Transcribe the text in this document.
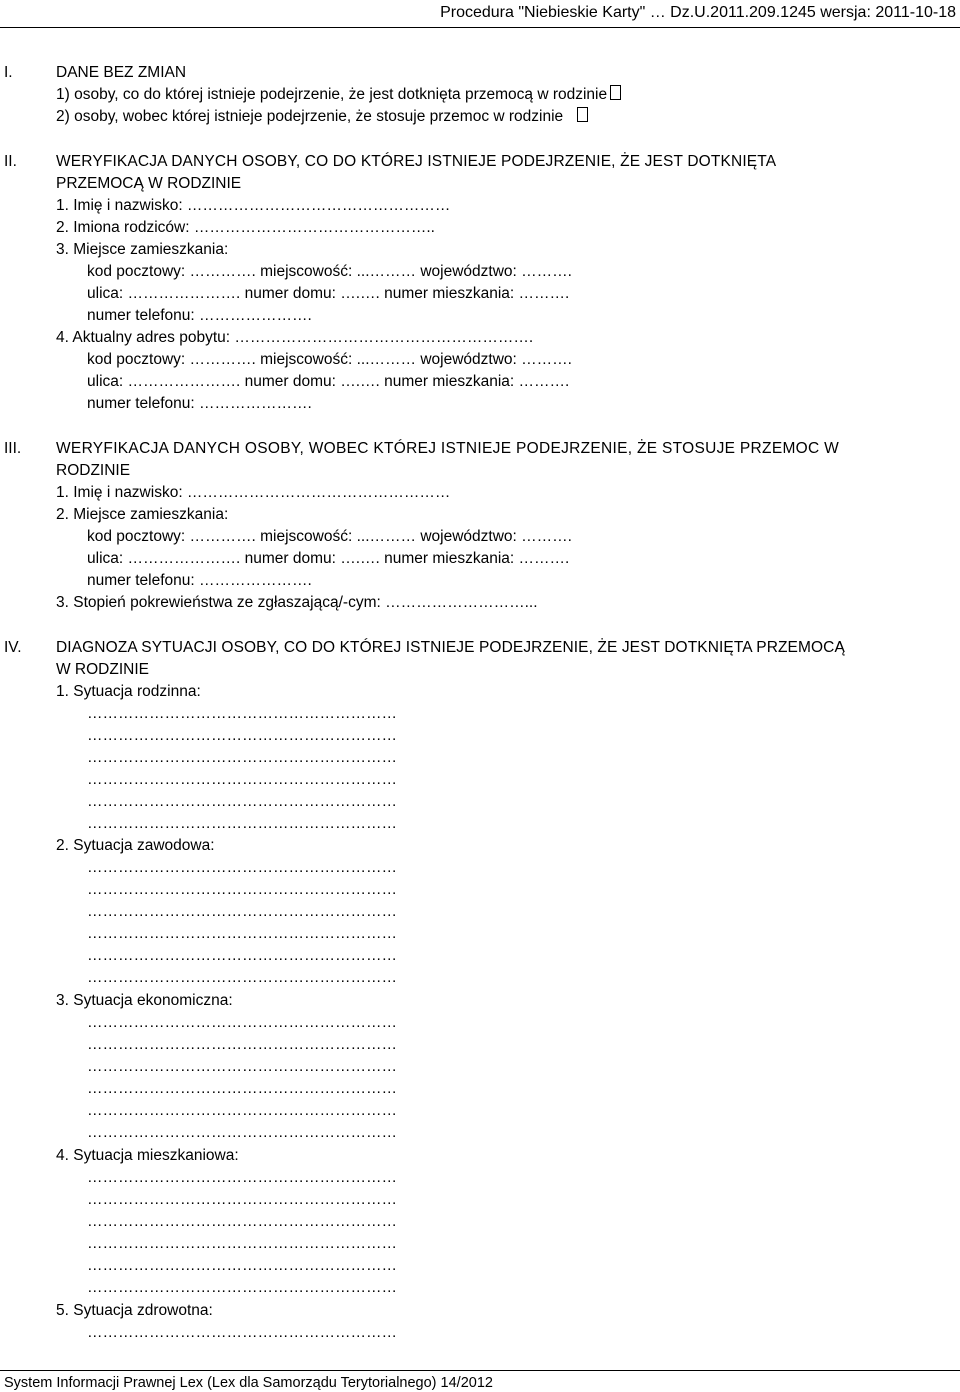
Procedura "Niebieskie Karty" … Dz.U.2011.209.1245 wersja: 2011-10-18
I.	DANE BEZ ZMIAN
1) osoby, co do której istnieje podejrzenie, że jest dotknięta przemocą w rodzinie
2) osoby, wobec której istnieje podejrzenie, że stosuje przemoc w rodzinie
II.	WERYFIKACJA DANYCH OSOBY, CO DO KTÓREJ ISTNIEJE PODEJRZENIE, ŻE JEST DOTKNIĘTA
PRZEMOCĄ W RODZINIE
1. Imię i nazwisko: ……………………………………………
2. Imiona rodziców: ………………………………………..
3. Miejsce zamieszkania:
kod pocztowy: …………. miejscowość: ...……… województwo: ……….
ulica: …………………. numer domu: ….…. numer mieszkania: ……….
numer telefonu: ………………….
4. Aktualny adres pobytu: ………………………………………………….
kod pocztowy: …………. miejscowość: ...……… województwo: ……….
ulica: …………………. numer domu: ….…. numer mieszkania: ……….
numer telefonu: ………………….
III. WERYFIKACJA DANYCH OSOBY, WOBEC KTÓREJ ISTNIEJE PODEJRZENIE, ŻE STOSUJE PRZEMOC W
RODZINIE
1. Imię i nazwisko: ……………………………………………
2. Miejsce zamieszkania:
kod pocztowy: …………. miejscowość: ...……… województwo: ……….
ulica: …………………. numer domu: ….…. numer mieszkania: ……….
numer telefonu: ………………….
3. Stopień pokrewieństwa ze zgłaszającą/-cym: ………………………...
IV. DIAGNOZA SYTUACJI OSOBY, CO DO KTÓREJ ISTNIEJE PODEJRZENIE, ŻE JEST DOTKNIĘTA PRZEMOCĄ
W RODZINIE
1. Sytuacja rodzinna:
……………………………………………………
……………………………………………………
……………………………………………………
……………………………………………………
……………………………………………………
……………………………………………………
2. Sytuacja zawodowa:
……………………………………………………
……………………………………………………
……………………………………………………
……………………………………………………
……………………………………………………
……………………………………………………
3. Sytuacja ekonomiczna:
……………………………………………………
……………………………………………………
……………………………………………………
……………………………………………………
……………………………………………………
……………………………………………………
4. Sytuacja mieszkaniowa:
……………………………………………………
……………………………………………………
……………………………………………………
……………………………………………………
……………………………………………………
……………………………………………………
5. Sytuacja zdrowotna:
……………………………………………………
System Informacji Prawnej Lex (Lex dla Samorządu Terytorialnego) 14/2012
